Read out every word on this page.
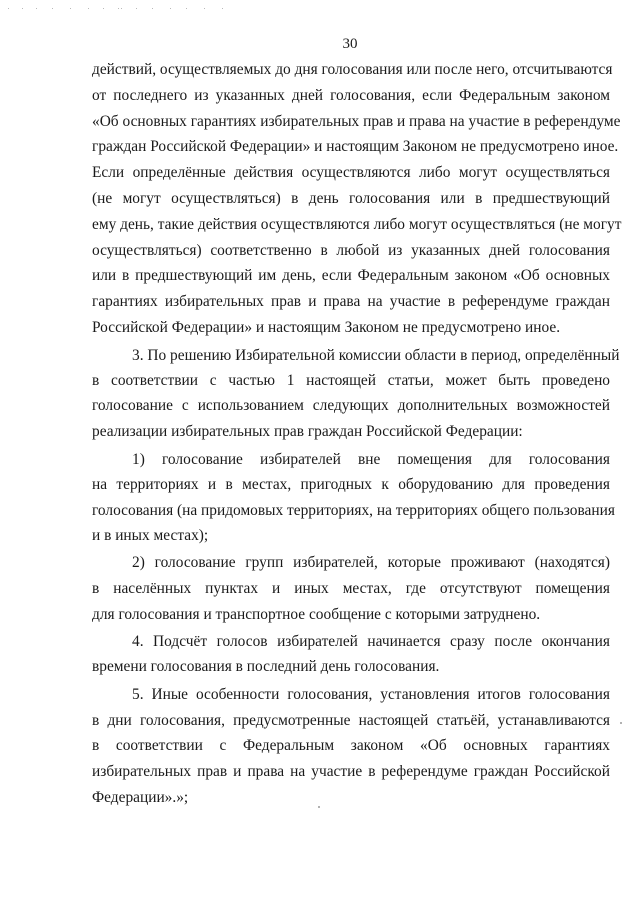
30
действий, осуществляемых до дня голосования или после него, отсчитываются
от последнего из указанных дней голосования, если Федеральным законом
«Об основных гарантиях избирательных прав и права на участие в референдуме
граждан Российской Федерации» и настоящим Законом не предусмотрено иное.
Если определённые действия осуществляются либо могут осуществляться
(не могут осуществляться) в день голосования или в предшествующий
ему день, такие действия осуществляются либо могут осуществляться (не могут
осуществляться) соответственно в любой из указанных дней голосования
или в предшествующий им день, если Федеральным законом «Об основных
гарантиях избирательных прав и права на участие в референдуме граждан
Российской Федерации» и настоящим Законом не предусмотрено иное.
3. По решению Избирательной комиссии области в период, определённый
в соответствии с частью 1 настоящей статьи, может быть проведено
голосование с использованием следующих дополнительных возможностей
реализации избирательных прав граждан Российской Федерации:
1) голосование избирателей вне помещения для голосования
на территориях и в местах, пригодных к оборудованию для проведения
голосования (на придомовых территориях, на территориях общего пользования
и в иных местах);
2) голосование групп избирателей, которые проживают (находятся)
в населённых пунктах и иных местах, где отсутствуют помещения
для голосования и транспортное сообщение с которыми затруднено.
4. Подсчёт голосов избирателей начинается сразу после окончания
времени голосования в последний день голосования.
5. Иные особенности голосования, установления итогов голосования
в дни голосования, предусмотренные настоящей статьёй, устанавливаются
в соответствии с Федеральным законом «Об основных гарантиях
избирательных прав и права на участие в референдуме граждан Российской
Федерации».»;
